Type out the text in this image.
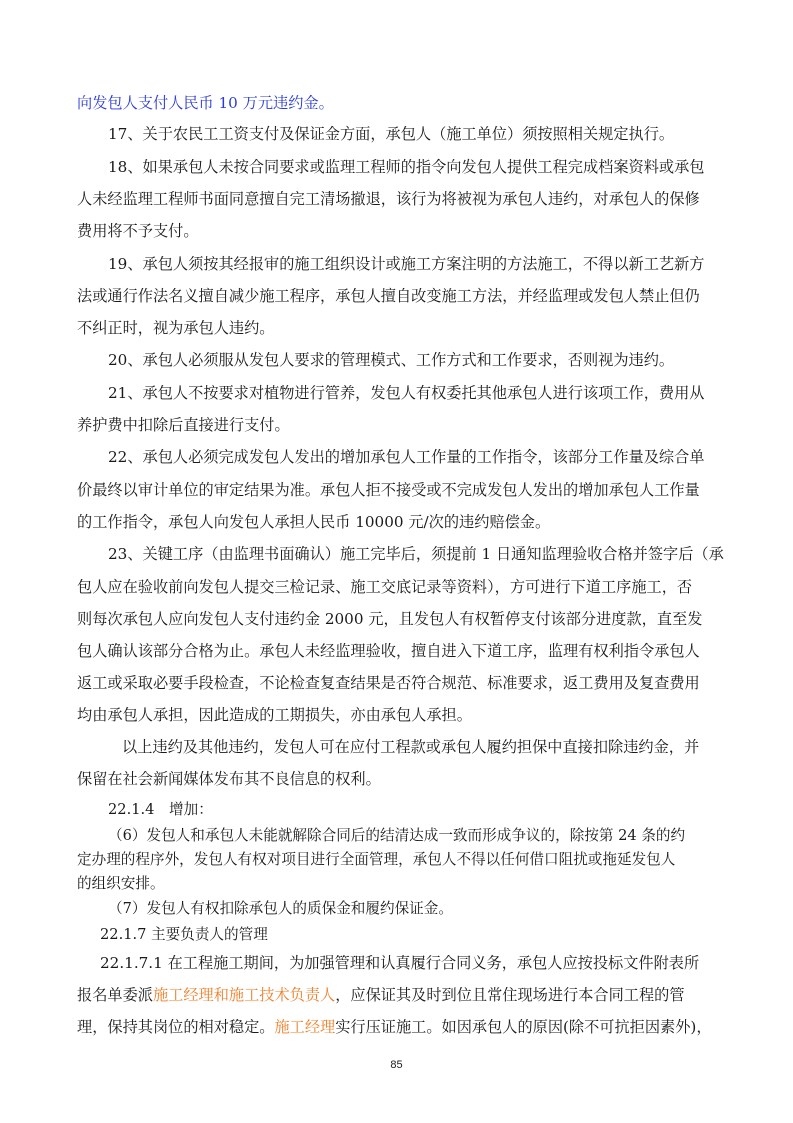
向发包人支付人民币 10 万元违约金。
17、关于农民工工资支付及保证金方面，承包人（施工单位）须按照相关规定执行。
18、如果承包人未按合同要求或监理工程师的指令向发包人提供工程完成档案资料或承包
人未经监理工程师书面同意擅自完工清场撤退，该行为将被视为承包人违约，对承包人的保修
费用将不予支付。
19、承包人须按其经报审的施工组织设计或施工方案注明的方法施工，不得以新工艺新方
法或通行作法名义擅自减少施工程序，承包人擅自改变施工方法，并经监理或发包人禁止但仍
不纠正时，视为承包人违约。
20、承包人必须服从发包人要求的管理模式、工作方式和工作要求，否则视为违约。
21、承包人不按要求对植物进行管养，发包人有权委托其他承包人进行该项工作，费用从
养护费中扣除后直接进行支付。
22、承包人必须完成发包人发出的增加承包人工作量的工作指令，该部分工作量及综合单
价最终以审计单位的审定结果为准。承包人拒不接受或不完成发包人发出的增加承包人工作量
的工作指令，承包人向发包人承担人民币 10000 元/次的违约赔偿金。
23、关键工序（由监理书面确认）施工完毕后，须提前 1 日通知监理验收合格并签字后（承
包人应在验收前向发包人提交三检记录、施工交底记录等资料），方可进行下道工序施工，否
则每次承包人应向发包人支付违约金 2000 元，且发包人有权暂停支付该部分进度款，直至发
包人确认该部分合格为止。承包人未经监理验收，擅自进入下道工序，监理有权利指令承包人
返工或采取必要手段检查，不论检查复查结果是否符合规范、标准要求，返工费用及复查费用
均由承包人承担，因此造成的工期损失，亦由承包人承担。
以上违约及其他违约，发包人可在应付工程款或承包人履约担保中直接扣除违约金，并
保留在社会新闻媒体发布其不良信息的权利。
22.1.4　增加：
（6）发包人和承包人未能就解除合同后的结清达成一致而形成争议的，除按第 24 条的约
定办理的程序外，发包人有权对项目进行全面管理，承包人不得以任何借口阻扰或拖延发包人
的组织安排。
（7）发包人有权扣除承包人的质保金和履约保证金。
22.1.7 主要负责人的管理
22.1.7.1 在工程施工期间，为加强管理和认真履行合同义务，承包人应按投标文件附表所
报名单委派施工经理和施工技术负责人，应保证其及时到位且常住现场进行本合同工程的管
理，保持其岗位的相对稳定。施工经理实行压证施工。如因承包人的原因(除不可抗拒因素外)，
85
